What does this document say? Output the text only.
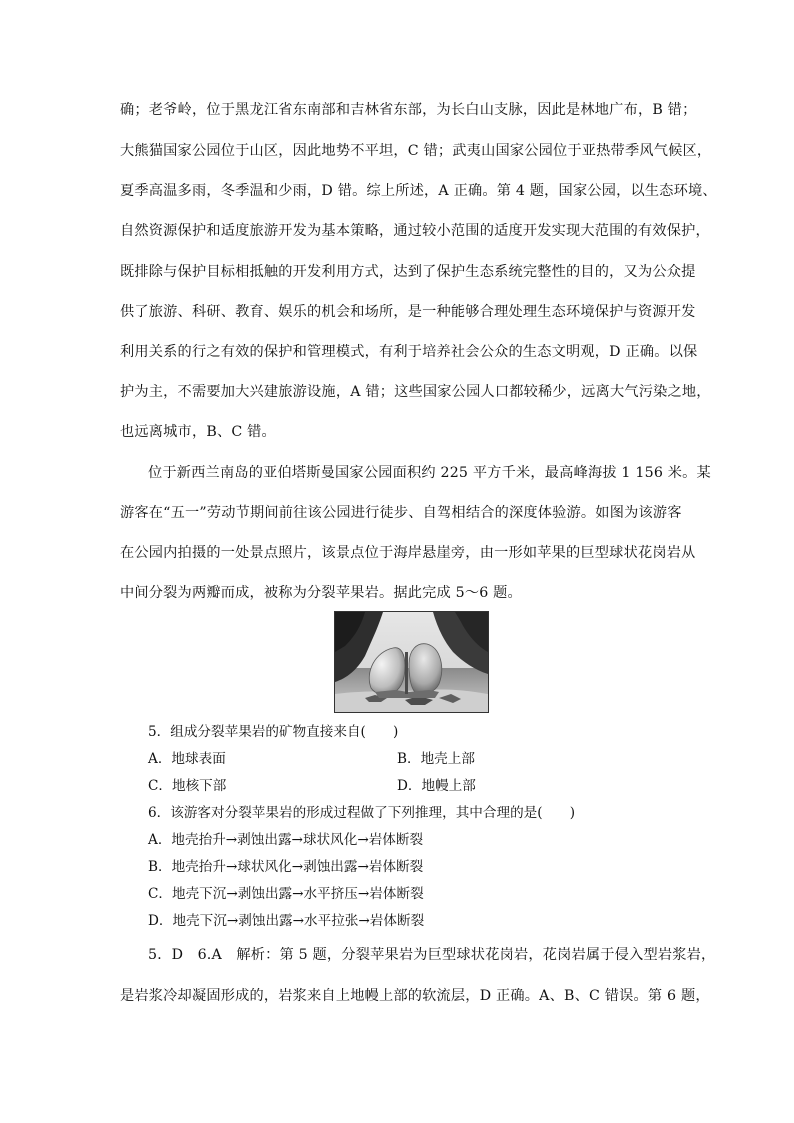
确；老爷岭，位于黑龙江省东南部和吉林省东部，为长白山支脉，因此是林地广布，B 错；
大熊猫国家公园位于山区，因此地势不平坦，C 错；武夷山国家公园位于亚热带季风气候区，
夏季高温多雨，冬季温和少雨，D 错。综上所述，A 正确。第 4 题，国家公园，以生态环境、
自然资源保护和适度旅游开发为基本策略，通过较小范围的适度开发实现大范围的有效保护，
既排除与保护目标相抵触的开发利用方式，达到了保护生态系统完整性的目的，又为公众提
供了旅游、科研、教育、娱乐的机会和场所，是一种能够合理处理生态环境保护与资源开发
利用关系的行之有效的保护和管理模式，有利于培养社会公众的生态文明观，D 正确。以保
护为主，不需要加大兴建旅游设施，A 错；这些国家公园人口都较稀少，远离大气污染之地，
也远离城市，B、C 错。
位于新西兰南岛的亚伯塔斯曼国家公园面积约 225 平方千米，最高峰海拔 1 156 米。某
游客在“五一”劳动节期间前往该公园进行徒步、自驾相结合的深度体验游。如图为该游客
在公园内拍摄的一处景点照片，该景点位于海岸悬崖旁，由一形如苹果的巨型球状花岗岩从
中间分裂为两瓣而成，被称为分裂苹果岩。据此完成 5～6 题。
5．组成分裂苹果岩的矿物直接来自(　　)
A．地球表面	B．地壳上部
C．地核下部	D．地幔上部
6．该游客对分裂苹果岩的形成过程做了下列推理，其中合理的是(　　)
A．地壳抬升→剥蚀出露→球状风化→岩体断裂
B．地壳抬升→球状风化→剥蚀出露→岩体断裂
C．地壳下沉→剥蚀出露→水平挤压→岩体断裂
D．地壳下沉→剥蚀出露→水平拉张→岩体断裂
5．D　6.A　解析：第 5 题，分裂苹果岩为巨型球状花岗岩，花岗岩属于侵入型岩浆岩，
是岩浆冷却凝固形成的，岩浆来自上地幔上部的软流层，D 正确。A、B、C 错误。第 6 题，
